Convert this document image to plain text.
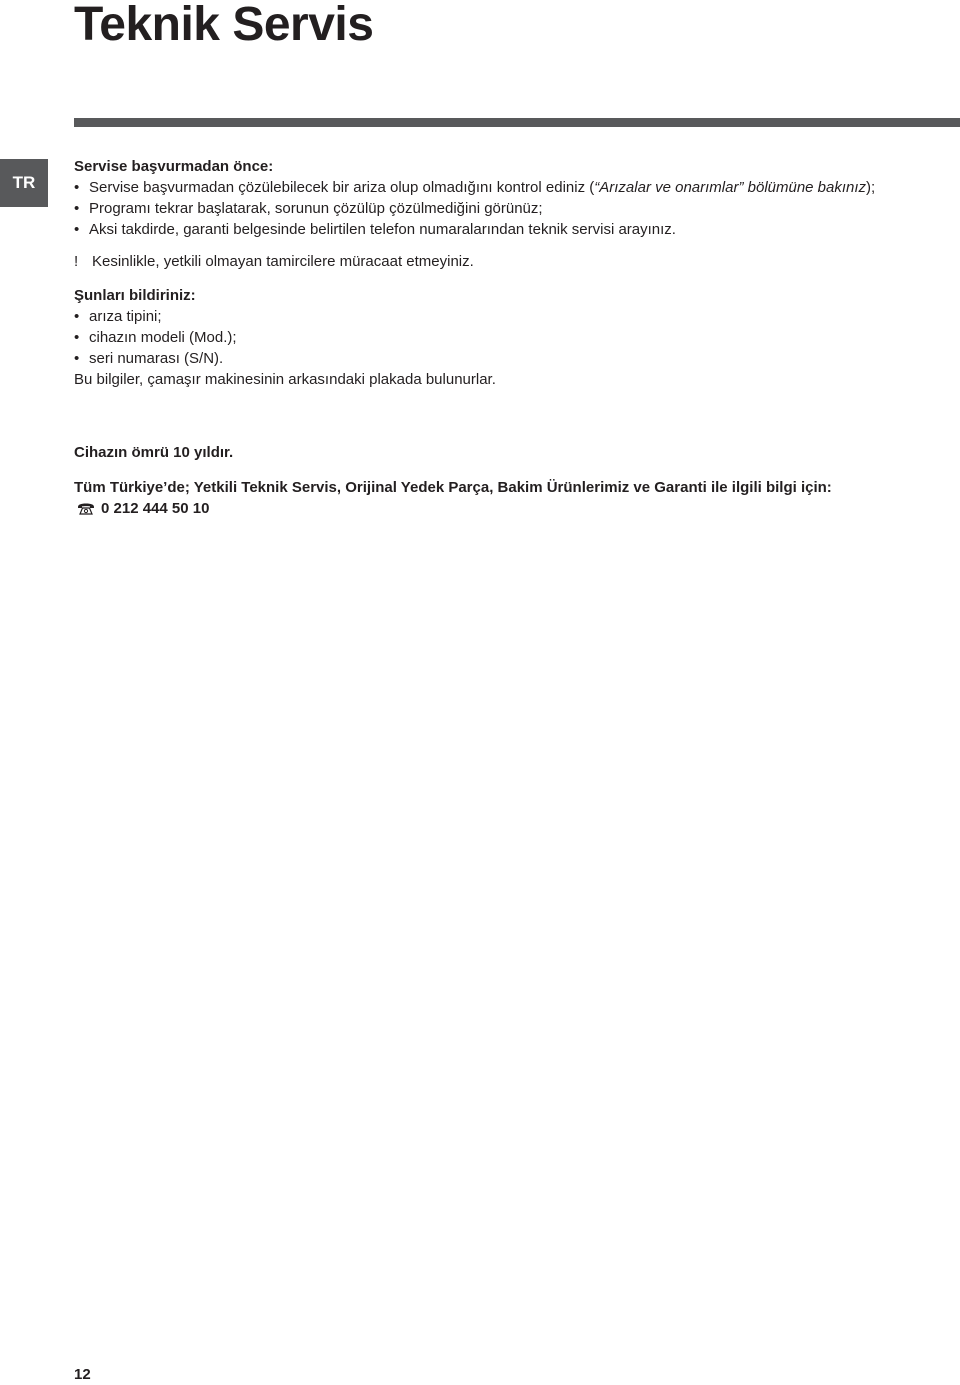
Teknik Servis
TR

Servise başvurmadan önce:

• Servise başvurmadan çözülebilecek bir ariza olup olmadığını kontrol ediniz (“Arızalar ve onarımlar” bölümüne bakınız);
• Programı tekrar başlatarak, sorunun çözülüp çözülmediğini görünüz;
• Aksi takdirde, garanti belgesinde belirtilen telefon numaralarından teknik servisi arayınız.
! Kesinlikle, yetkili olmayan tamircilere müracaat etmeyiniz.

Şunları bildiriniz:

• arıza tipini;
• cihazın modeli (Mod.);
• seri numarası (S/N).

Bu bilgiler, çamaşır makinesinin arkasındaki plakada bulunurlar.

Cihazın ömrü 10 yıldır.
Tüm Türkiye’de; Yetkili Teknik Servis, Orijinal Yedek Parça, Bakim Ürünlerimiz ve Garanti ile ilgili bilgi için:
0 212 444 50 10
12
